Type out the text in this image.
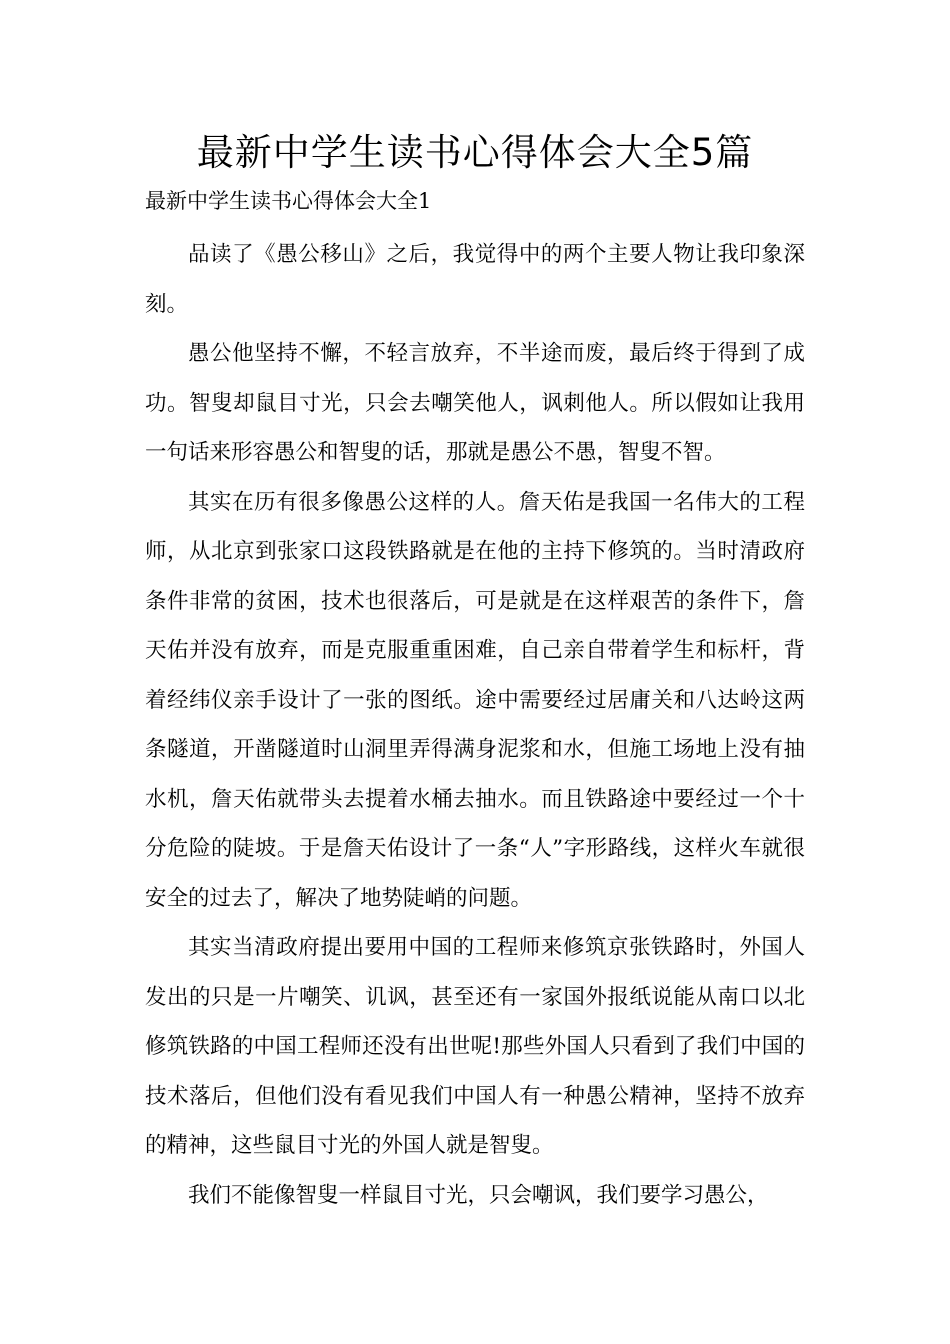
最新中学生读书心得体会大全5篇
最新中学生读书心得体会大全1

品读了《愚公移山》之后，我觉得中的两个主要人物让我印象深刻。

愚公他坚持不懈，不轻言放弃，不半途而废，最后终于得到了成功。智叟却鼠目寸光，只会去嘲笑他人，讽刺他人。所以假如让我用一句话来形容愚公和智叟的话，那就是愚公不愚，智叟不智。

其实在历有很多像愚公这样的人。詹天佑是我国一名伟大的工程师，从北京到张家口这段铁路就是在他的主持下修筑的。当时清政府条件非常的贫困，技术也很落后，可是就是在这样艰苦的条件下，詹天佑并没有放弃，而是克服重重困难，自己亲自带着学生和标杆，背着经纬仪亲手设计了一张的图纸。途中需要经过居庸关和八达岭这两条隧道，开凿隧道时山洞里弄得满身泥浆和水，但施工场地上没有抽水机，詹天佑就带头去提着水桶去抽水。而且铁路途中要经过一个十分危险的陡坡。于是詹天佑设计了一条“人”字形路线，这样火车就很安全的过去了，解决了地势陡峭的问题。

其实当清政府提出要用中国的工程师来修筑京张铁路时，外国人发出的只是一片嘲笑、讥讽，甚至还有一家国外报纸说能从南口以北修筑铁路的中国工程师还没有出世呢!那些外国人只看到了我们中国的技术落后，但他们没有看见我们中国人有一种愚公精神，坚持不放弃的精神，这些鼠目寸光的外国人就是智叟。

我们不能像智叟一样鼠目寸光，只会嘲讽，我们要学习愚公，
